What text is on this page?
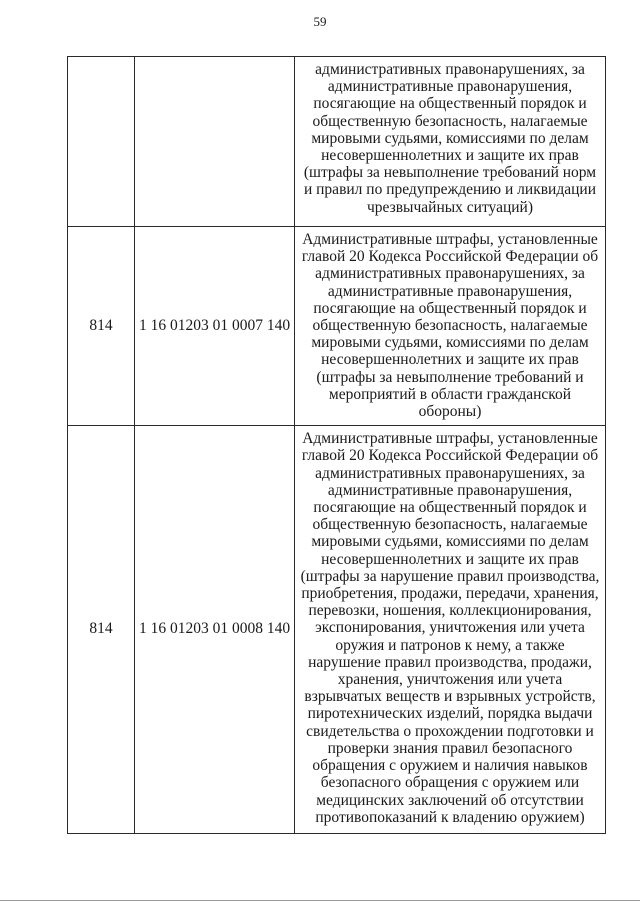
59
		административных правонарушениях, за административные правонарушения, посягающие на общественный порядок и общественную безопасность, налагаемые мировыми судьями, комиссиями по делам несовершеннолетних и защите их прав (штрафы за невыполнение требований норм и правил по предупреждению и ликвидации чрезвычайных ситуаций)
814	1 16 01203 01 0007 140	Административные штрафы, установленные главой 20 Кодекса Российской Федерации об административных правонарушениях, за административные правонарушения, посягающие на общественный порядок и общественную безопасность, налагаемые мировыми судьями, комиссиями по делам несовершеннолетних и защите их прав (штрафы за невыполнение требований и мероприятий в области гражданской обороны)
814	1 16 01203 01 0008 140	Административные штрафы, установленные главой 20 Кодекса Российской Федерации об административных правонарушениях, за административные правонарушения, посягающие на общественный порядок и общественную безопасность, налагаемые мировыми судьями, комиссиями по делам несовершеннолетних и защите их прав (штрафы за нарушение правил производства, приобретения, продажи, передачи, хранения, перевозки, ношения, коллекционирования, экспонирования, уничтожения или учета оружия и патронов к нему, а также нарушение правил производства, продажи, хранения, уничтожения или учета взрывчатых веществ и взрывных устройств, пиротехнических изделий, порядка выдачи свидетельства о прохождении подготовки и проверки знания правил безопасного обращения с оружием и наличия навыков безопасного обращения с оружием или медицинских заключений об отсутствии противопоказаний к владению оружием)
